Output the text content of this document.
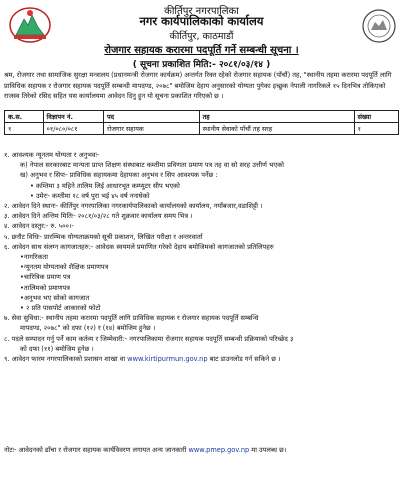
कीर्तिपुर नगरपालिका
नगर कार्यपालिकाको कार्यालय
कीर्तिपुर, काठमाडौं
रोजगार सहायक करारमा पदपूर्ति गर्ने सम्बन्धी सूचना ।
( सूचना प्रकाशित मिति:- २०८१/०३/१४ )
श्रम, रोजगार तथा सामाजिक सुरक्षा मन्त्रालय (प्रधानमन्त्री रोजगार कार्यक्रम) अन्तर्गत रिक्त रहेको रोजगार सहायक (पाँचौं) तह, "स्थानीय तहमा करारमा पदपूर्ति लागि प्राविधिक सहायक र रोजगार सहायक पदपूर्ति सम्बन्धी मापदण्ड, २०७८" बमोजिम देहाय अनुसारको योग्यता पुगेका इच्छुक नेपाली नागरिकले १५ दिनभित्र तोकिएको राजस्व तिरेको रसिद सहित यस कार्यालयमा आवेदन दिनु हुन यो सूचना प्रकाशित गरिएको छ ।
क.स.	विज्ञापन नं.	पद	तह	संख्या
१	०१/०८०/०८१	रोजगार सहायक	स्थानीय सेवाको पाँचौं तह सरह	१
१. आवश्यक न्यूनतम योग्यता र अनुभवः-
क) नेपाल सरकारबाट मान्यता प्राप्त शिक्षण संस्थाबाट कम्तीमा प्रविणता प्रमाण पत्र तह वा सो सरह उत्तीर्ण भएको
ख) अनुभव र सिपः- प्राविधिक सहायकमा देहायका अनुभव र सिप आवश्यक पर्नेछ :
• कम्तिमा ३ महिने तालिम लिई आधारभूत कम्प्युटर सीप भएको
• उमेरः- कम्तीमा १८ वर्ष पुरा भई ४५ वर्ष ननाघेको
२. आवेदन दिने स्थानः- कीर्तिपुर नगरपालिका नगरकार्यपालिकाको कार्यालयको कार्यालय, नयाँबजार,वडाशिट्टी ।
३. आवेदन दिने अन्तिम मितिः- २०८१/०३/२८ गते शुक्रवार कार्यालय समय भित्र ।
४. आवेदन दस्तुर:- रु. ५००।-
५. छनौट विधिः- प्रारम्भिक योग्यताक्रमको सूची प्रकाशन, लिखित परीक्षा र अन्तरवार्ता
६. आवेदन साथ संलग्न कागजातहरु:- आवेदक स्वयमले प्रमाणित गरेको देहाय बमोजिमको कागजातको प्रतिलिपहरु
•नागरिकता
•न्यूनतम योग्यताको शैक्षिक प्रमाणपत्र
•चारित्रिक प्रमाण पत्र
•तालिमको प्रमाणपत्र
•अनुभव भए सोको कागजात
• २ प्रति पासपोर्ट आकारको फोटो
७. सेवा सुविधा:- स्थानीय तहमा करारमा पदपूर्ति लागि प्राविधिक सहायक र रोजगार सहायक पदपूर्ति सम्बन्धि
मापदण्ड, २०७८" को दफा (१२) र (१४) बमोजिम हुनेछ ।
८. पदले सम्पादन गर्नु पर्ने काम कर्तव्य र जिम्मेवारी:- नगरपालिकामा रोजगार सहायक पदपूर्ति सम्बन्धी प्रक्रियाको परिच्छेद ३
को दफा (११) बमोजिम हुनेछ ।
९. आवेदन फारम नगरपालिकाको प्रशासन शाखा वा www.kirtipurmun.gov.np बाट डाउनलोड गर्न सकिने छ ।
नोटः- आवेदनको ढाँचा र रोजगार सहायक कार्यविवरण लगायत अन्य जानकारी www.pmep.gov.np मा उपलब्ध छ।
